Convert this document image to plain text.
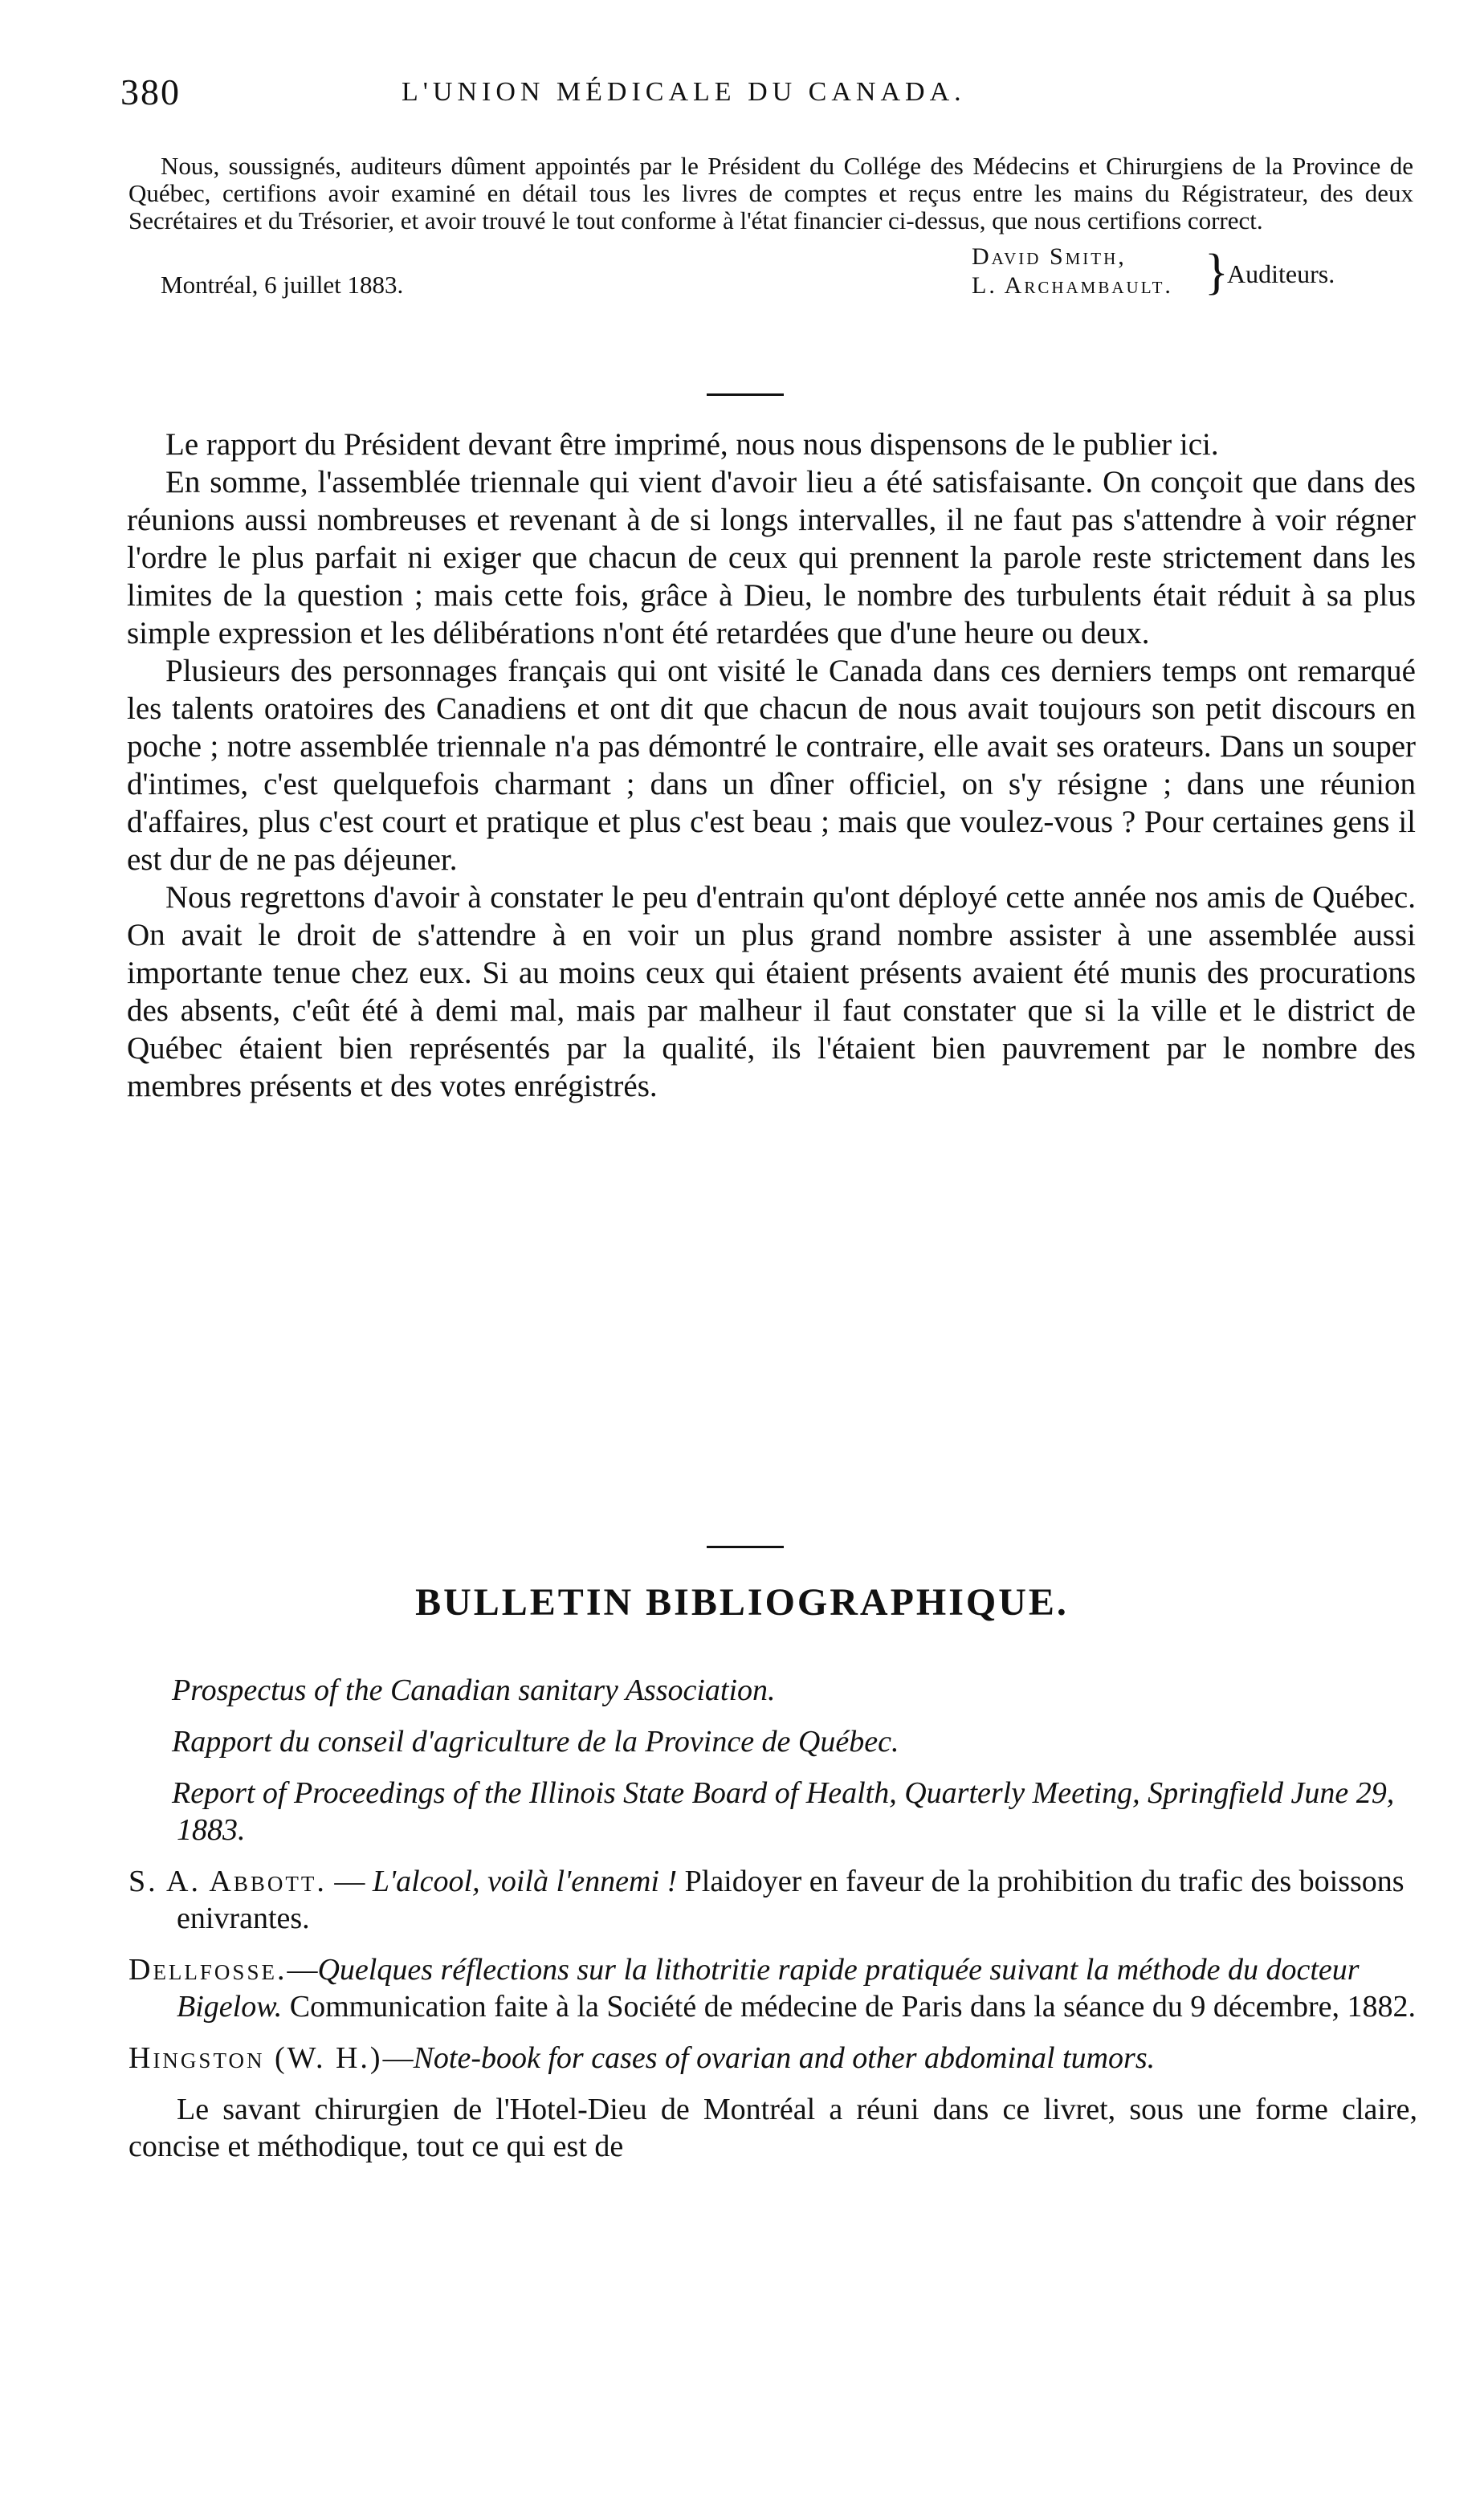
380	L'UNION MÉDICALE DU CANADA.

Nous, soussignés, auditeurs dûment appointés par le Président du Collége des Médecins et Chirurgiens de la Province de Québec, certifions avoir examiné en détail tous les livres de comptes et reçus entre les mains du Régistrateur, des deux Secrétaires et du Trésorier, et avoir trouvé le tout conforme à l'état financier ci-dessus, que nous certifions correct.

Montréal, 6 juillet 1883.
David Smith,
L. Archambault. }
Auditeurs.

Le rapport du Président devant être imprimé, nous nous dispensons de le publier ici.

En somme, l'assemblée triennale qui vient d'avoir lieu a été satisfaisante. On conçoit que dans des réunions aussi nombreuses et revenant à de si longs intervalles, il ne faut pas s'attendre à voir régner l'ordre le plus parfait ni exiger que chacun de ceux qui prennent la parole reste strictement dans les limites de la question ; mais cette fois, grâce à Dieu, le nombre des turbulents était réduit à sa plus simple expression et les délibérations n'ont été retardées que d'une heure ou deux.

Plusieurs des personnages français qui ont visité le Canada dans ces derniers temps ont remarqué les talents oratoires des Canadiens et ont dit que chacun de nous avait toujours son petit discours en poche ; notre assemblée triennale n'a pas démontré le contraire, elle avait ses orateurs. Dans un souper d'intimes, c'est quelquefois charmant ; dans un dîner officiel, on s'y résigne ; dans une réunion d'affaires, plus c'est court et pratique et plus c'est beau ; mais que voulez-vous ? Pour certaines gens il est dur de ne pas déjeuner.

Nous regrettons d'avoir à constater le peu d'entrain qu'ont déployé cette année nos amis de Québec. On avait le droit de s'attendre à en voir un plus grand nombre assister à une assemblée aussi importante tenue chez eux. Si au moins ceux qui étaient présents avaient été munis des procurations des absents, c'eût été à demi mal, mais par malheur il faut constater que si la ville et le district de Québec étaient bien représentés par la qualité, ils l'étaient bien pauvrement par le nombre des membres présents et des votes enrégistrés.

BULLETIN BIBLIOGRAPHIQUE.

Prospectus of the Canadian sanitary Association.

Rapport du conseil d'agriculture de la Province de Québec.

Report of Proceedings of the Illinois State Board of Health, Quarterly Meeting, Springfield June 29, 1883.

S. A. Abbott. — L'alcool, voilà l'ennemi ! Plaidoyer en faveur de la prohibition du trafic des boissons enivrantes.

Dellfosse.—Quelques réflections sur la lithotritie rapide pratiquée suivant la méthode du docteur Bigelow. Communication faite à la Société de médecine de Paris dans la séance du 9 décembre, 1882.

Hingston (W. H.)—Note-book for cases of ovarian and other abdominal tumors.

Le savant chirurgien de l'Hotel-Dieu de Montréal a réuni dans ce livret, sous une forme claire, concise et méthodique, tout ce qui est de
